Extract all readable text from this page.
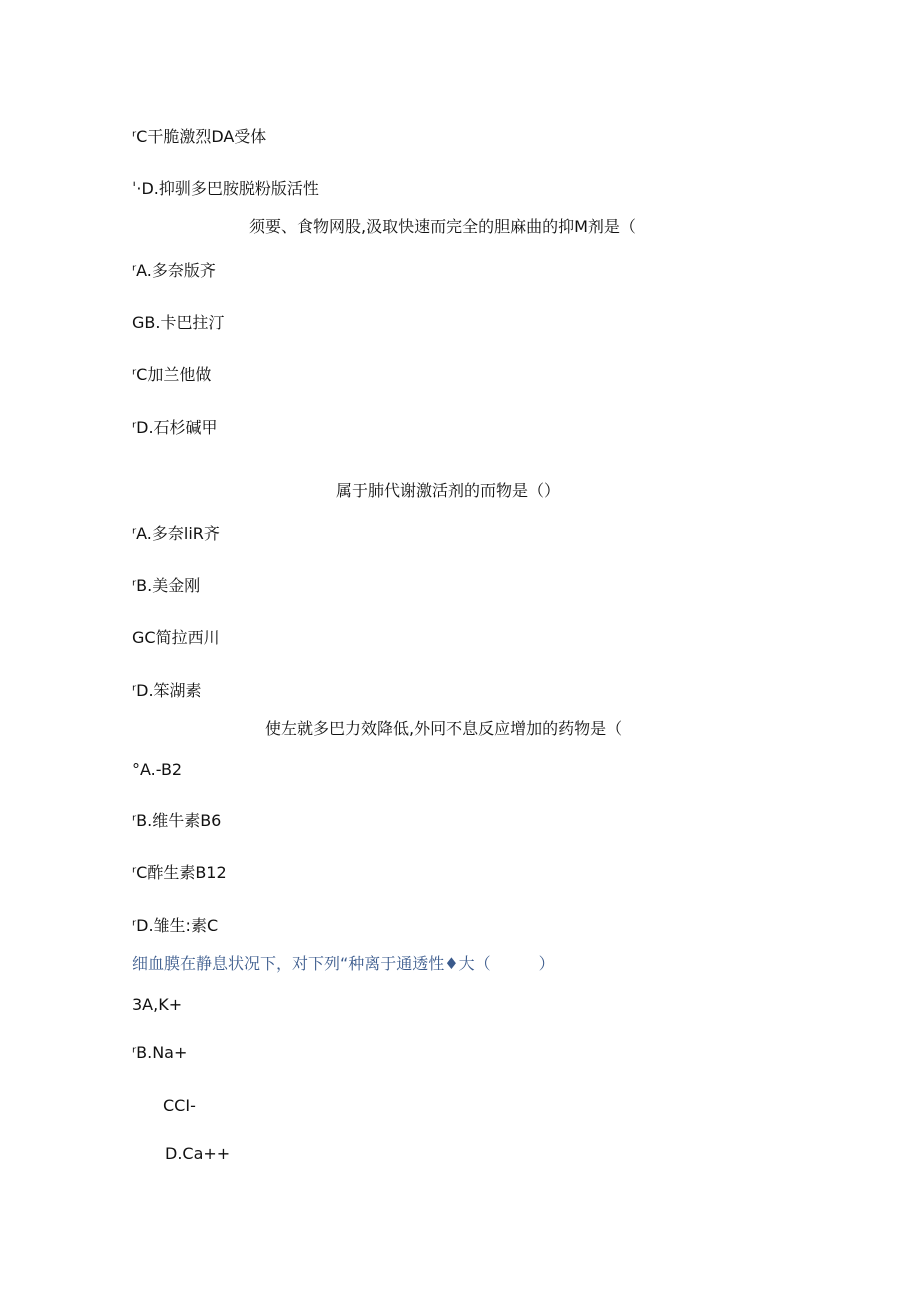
ʳC干脆激烈DA受体
ˈ·D.抑驯多巴胺脱粉版活性
须要、食物网股,汲取快速而完全的胆麻曲的抑M剂是（
ʳA.多奈版齐
GB.卡巴拄汀
ʳC加兰他做
ʳD.石杉碱甲
属于肺代谢激活剂的而物是（）
ʳA.多奈liR齐
ʳB.美金刚
GC简拉西川
ʳD.笨湖素
使左就多巴力效降低,外冋不息反应增加的药物是（
°A.-B2
ʳB.维牛素B6
ʳC酢生素B12
ʳD.雏生:素C
细血膜在静息状况下，对下列“种离于通透性♦大（　　　）
3A,K+
ʳB.Na+
CCI-
D.Ca++
